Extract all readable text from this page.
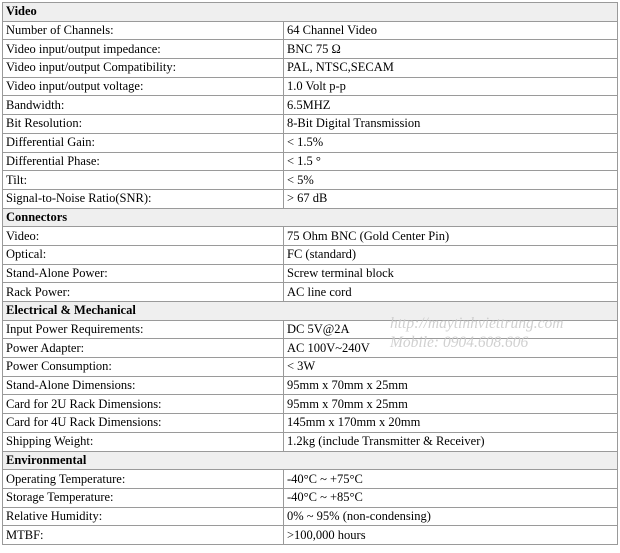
Video	
Number of Channels:	64 Channel Video
Video input/output impedance:	BNC 75 Ω
Video input/output Compatibility:	PAL, NTSC,SECAM
Video input/output voltage:	1.0 Volt p-p
Bandwidth:	6.5MHZ
Bit Resolution:	8-Bit Digital Transmission
Differential Gain:	< 1.5%
Differential Phase:	< 1.5 °
Tilt:	< 5%
Signal-to-Noise Ratio(SNR):	> 67 dB
Connectors	
Video:	75 Ohm BNC (Gold Center Pin)
Optical:	FC (standard)
Stand-Alone Power:	Screw terminal block
Rack Power:	AC line cord
Electrical & Mechanical	
Input Power Requirements:	DC 5V@2A
Power Adapter:	AC 100V~240V
Power Consumption:	< 3W
Stand-Alone Dimensions:	95mm x 70mm x 25mm
Card for 2U Rack Dimensions:	95mm x 70mm x 25mm
Card for 4U Rack Dimensions:	145mm x 170mm x 20mm
Shipping Weight:	1.2kg (include Transmitter & Receiver)
Environmental	
Operating Temperature:	-40°C ~ +75°C
Storage Temperature:	-40°C ~ +85°C
Relative Humidity:	0% ~ 95% (non-condensing)
MTBF:	>100,000 hours
http://maytinhviettrung.com
Mobile: 0904.608.606
